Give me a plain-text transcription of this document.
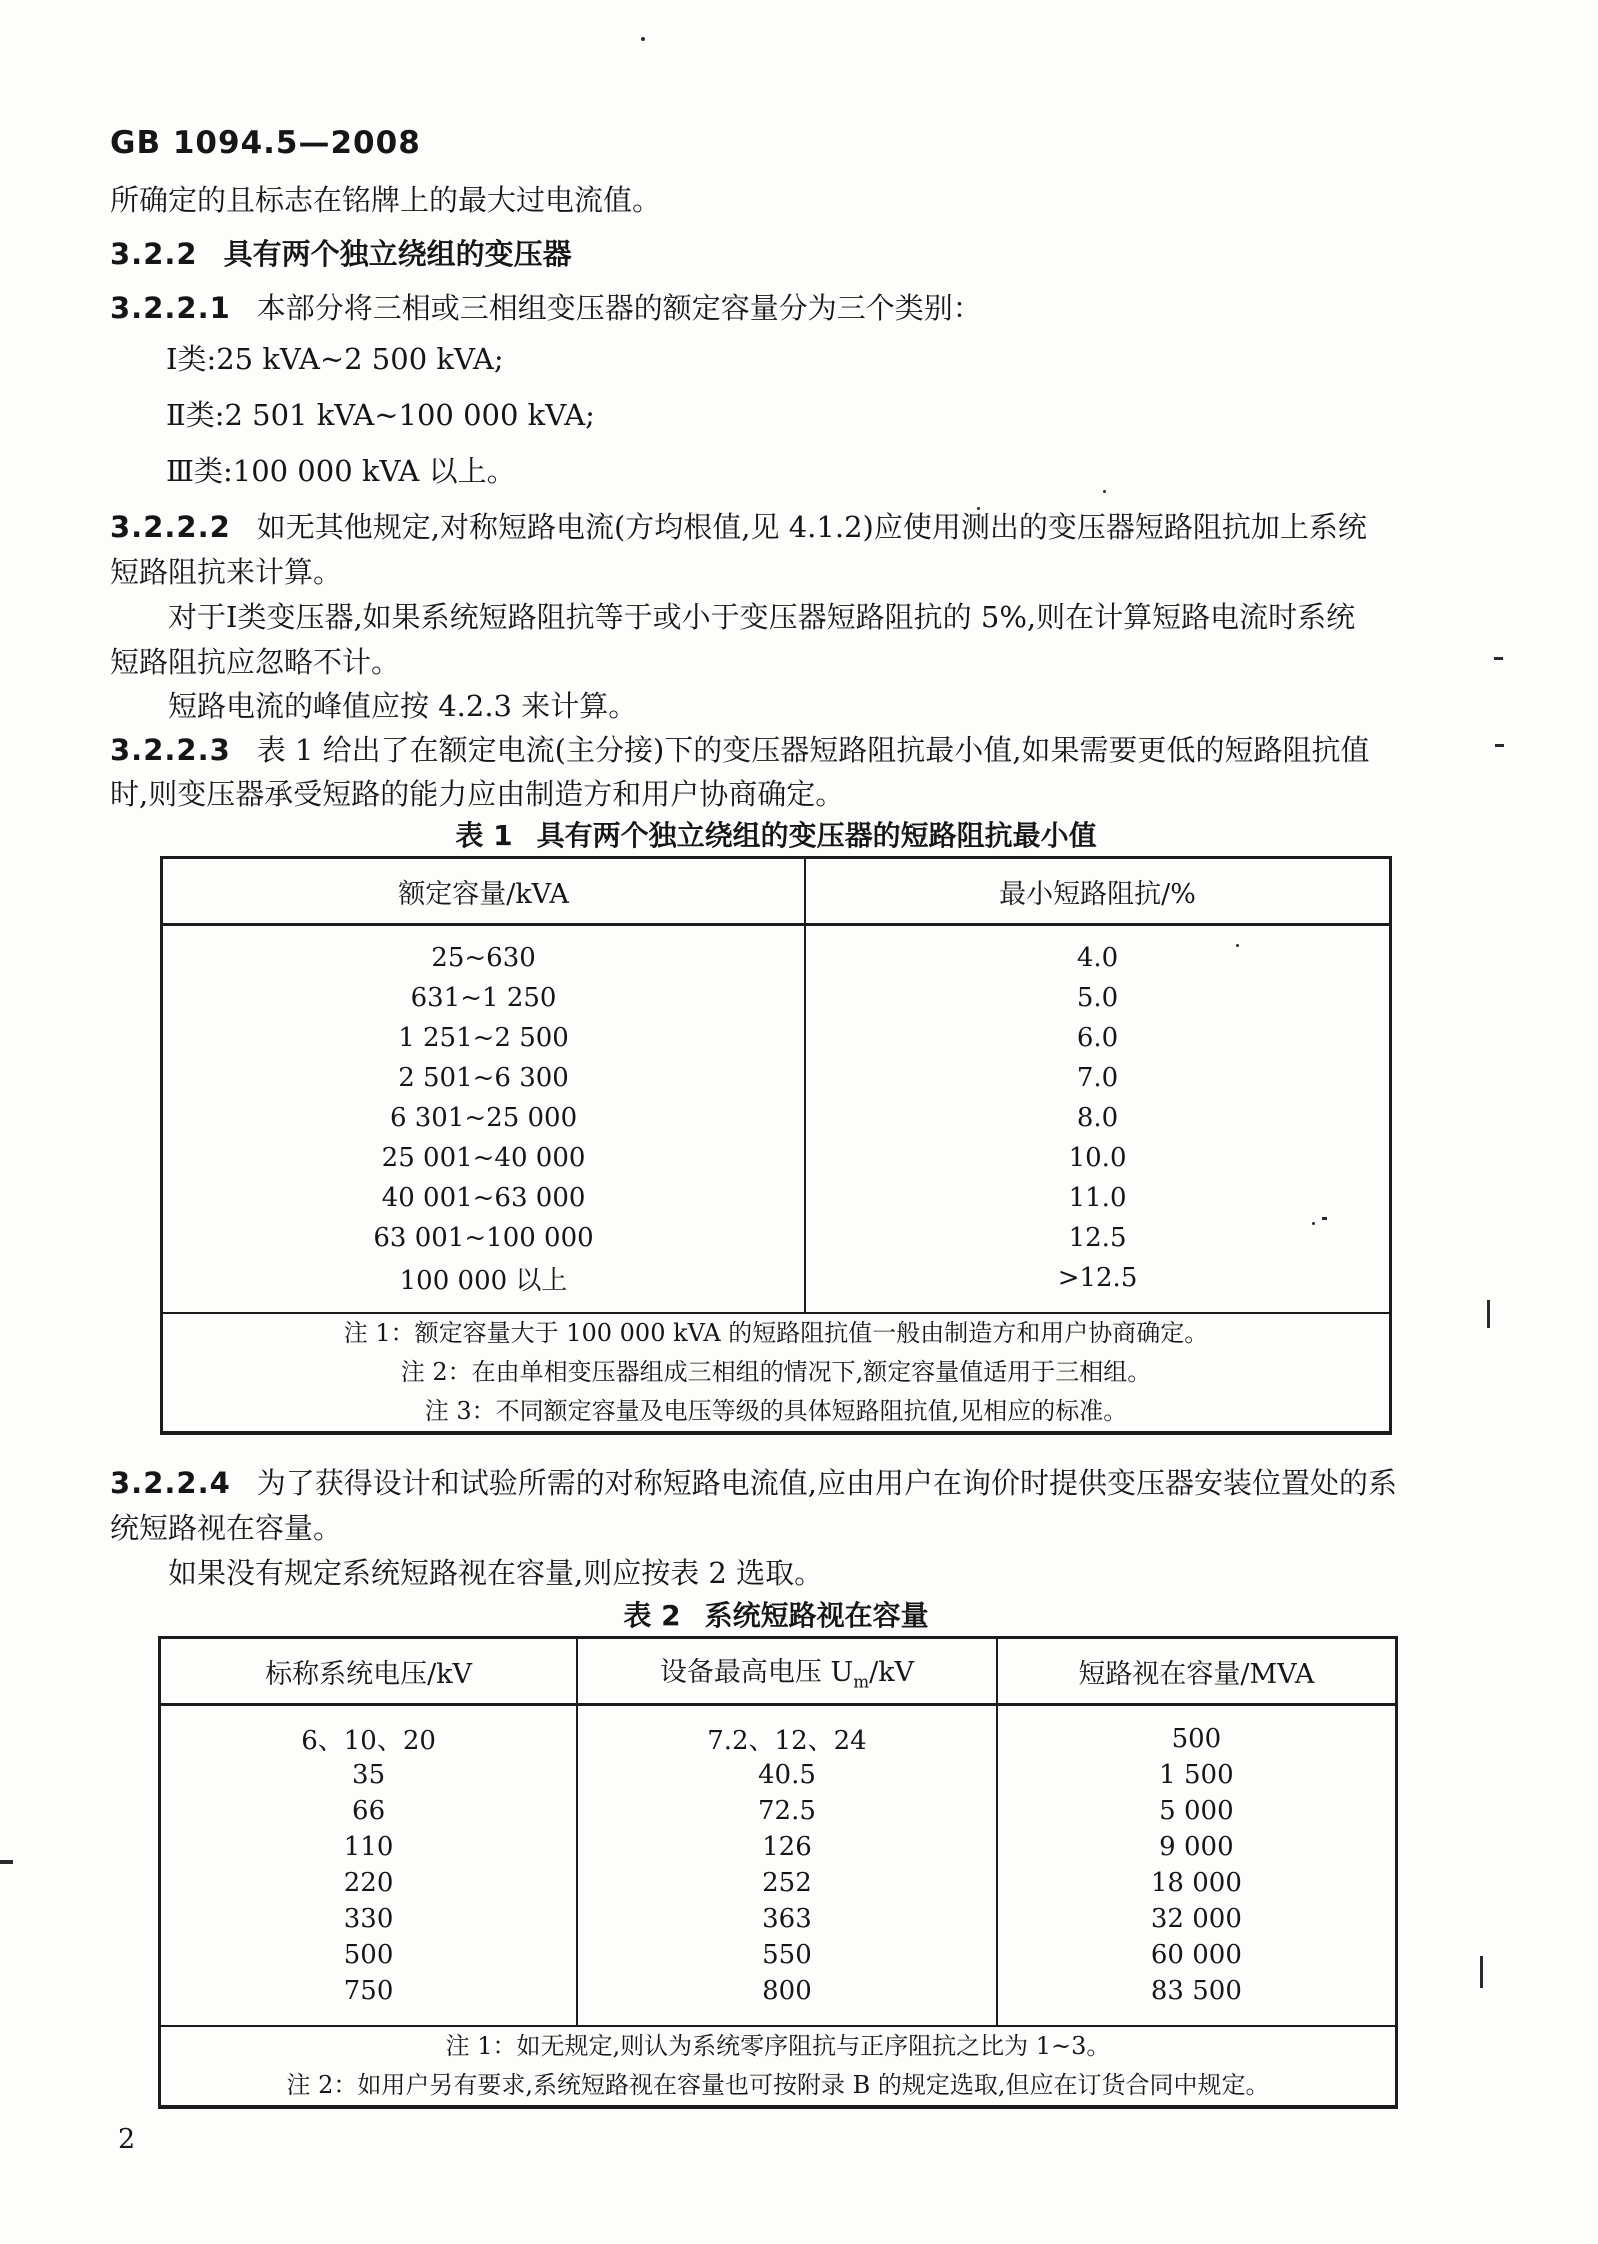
GB 1094.5—2008
所确定的且标志在铭牌上的最大过电流值。
3.2.2 具有两个独立绕组的变压器
3.2.2.1 本部分将三相或三相组变压器的额定容量分为三个类别：
Ⅰ类:25 kVA~2 500 kVA;
Ⅱ类:2 501 kVA~100 000 kVA;
Ⅲ类:100 000 kVA 以上。
3.2.2.2 如无其他规定,对称短路电流(方均根值,见 4.1.2)应使用测出的变压器短路阻抗加上系统
短路阻抗来计算。
对于Ⅰ类变压器,如果系统短路阻抗等于或小于变压器短路阻抗的 5%,则在计算短路电流时系统
短路阻抗应忽略不计。
短路电流的峰值应按 4.2.3 来计算。
3.2.2.3 表 1 给出了在额定电流(主分接)下的变压器短路阻抗最小值,如果需要更低的短路阻抗值
时,则变压器承受短路的能力应由制造方和用户协商确定。
表 1 具有两个独立绕组的变压器的短路阻抗最小值
额定容量/kVA	最小短路阻抗/%
25~630	4.0
631~1 250	5.0
1 251~2 500	6.0
2 501~6 300	7.0
6 301~25 000	8.0
25 001~40 000	10.0
40 001~63 000	11.0
63 001~100 000	12.5
100 000 以上	>12.5

注 1：额定容量大于 100 000 kVA 的短路阻抗值一般由制造方和用户协商确定。
注 2：在由单相变压器组成三相组的情况下,额定容量值适用于三相组。
注 3：不同额定容量及电压等级的具体短路阻抗值,见相应的标准。	
3.2.2.4 为了获得设计和试验所需的对称短路电流值,应由用户在询价时提供变压器安装位置处的系
统短路视在容量。
如果没有规定系统短路视在容量,则应按表 2 选取。
表 2 系统短路视在容量
标称系统电压/kV	设备最高电压 $U_m/kV$	短路视在容量/MVA
6、10、20	7.2、12、24	500
35	40.5	1 500
66	72.5	5 000
110	126	9 000
220	252	18 000
330	363	32 000
500	550	60 000
750	800	83 500

注 1：如无规定,则认为系统零序阻抗与正序阻抗之比为 1~3。
注 2：如用户另有要求,系统短路视在容量也可按附录 B 的规定选取,但应在订货合同中规定。		
2
